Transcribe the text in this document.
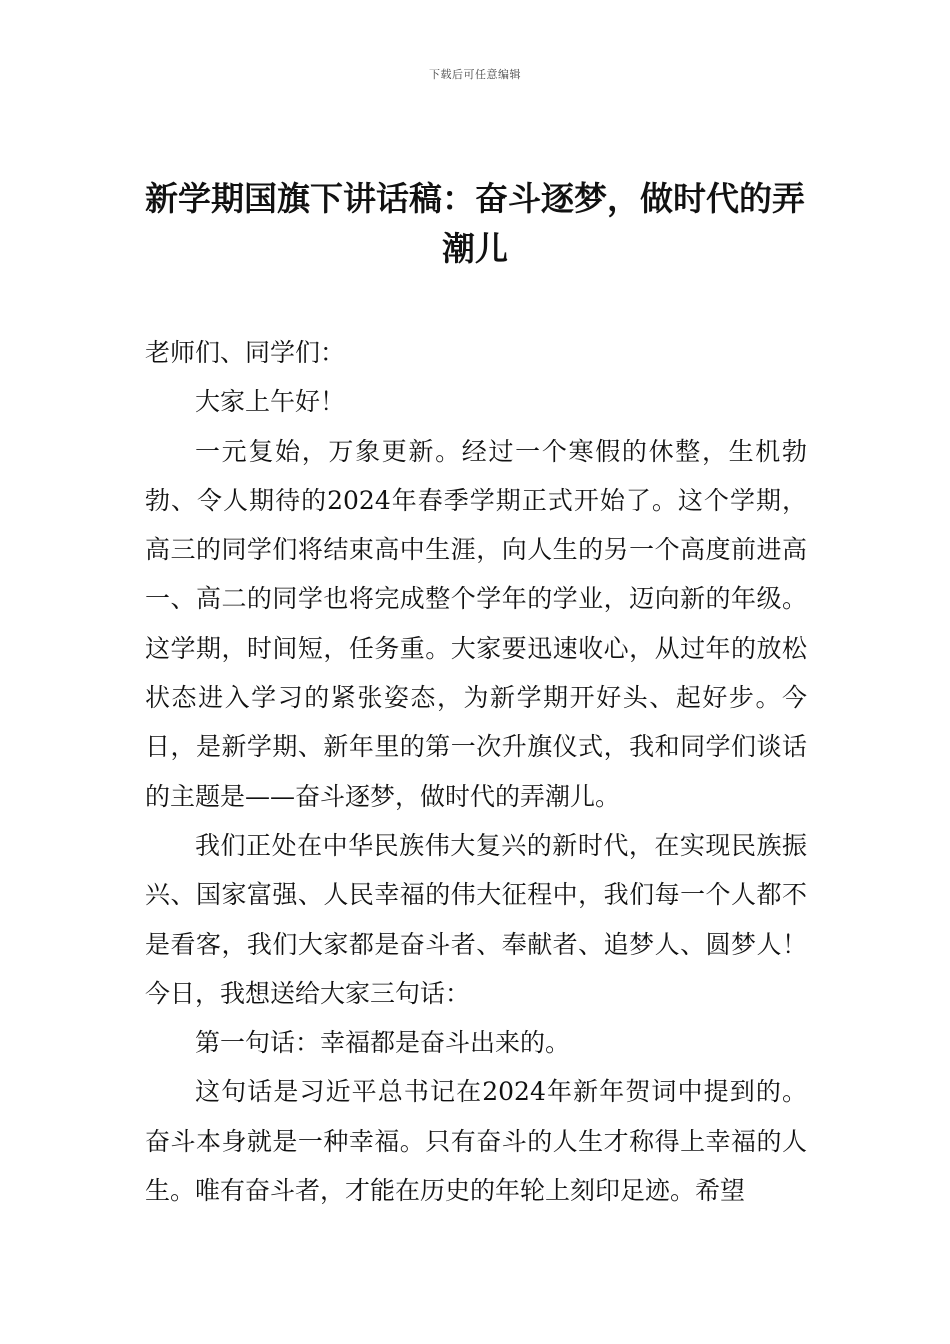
下载后可任意编辑
新学期国旗下讲话稿：奋斗逐梦，做时代的弄潮儿

老师们、同学们：

大家上午好！

一元复始，万象更新。经过一个寒假的休整，生机勃勃、令人期待的2024年春季学期正式开始了。这个学期，高三的同学们将结束高中生涯，向人生的另一个高度前进高一、高二的同学也将完成整个学年的学业，迈向新的年级。这学期，时间短，任务重。大家要迅速收心，从过年的放松状态进入学习的紧张姿态，为新学期开好头、起好步。今日，是新学期、新年里的第一次升旗仪式，我和同学们谈话的主题是——奋斗逐梦，做时代的弄潮儿。

我们正处在中华民族伟大复兴的新时代，在实现民族振兴、国家富强、人民幸福的伟大征程中，我们每一个人都不是看客，我们大家都是奋斗者、奉献者、追梦人、圆梦人！今日，我想送给大家三句话：

第一句话：幸福都是奋斗出来的。

这句话是习近平总书记在2024年新年贺词中提到的。奋斗本身就是一种幸福。只有奋斗的人生才称得上幸福的人生。唯有奋斗者，才能在历史的年轮上刻印足迹。希望
